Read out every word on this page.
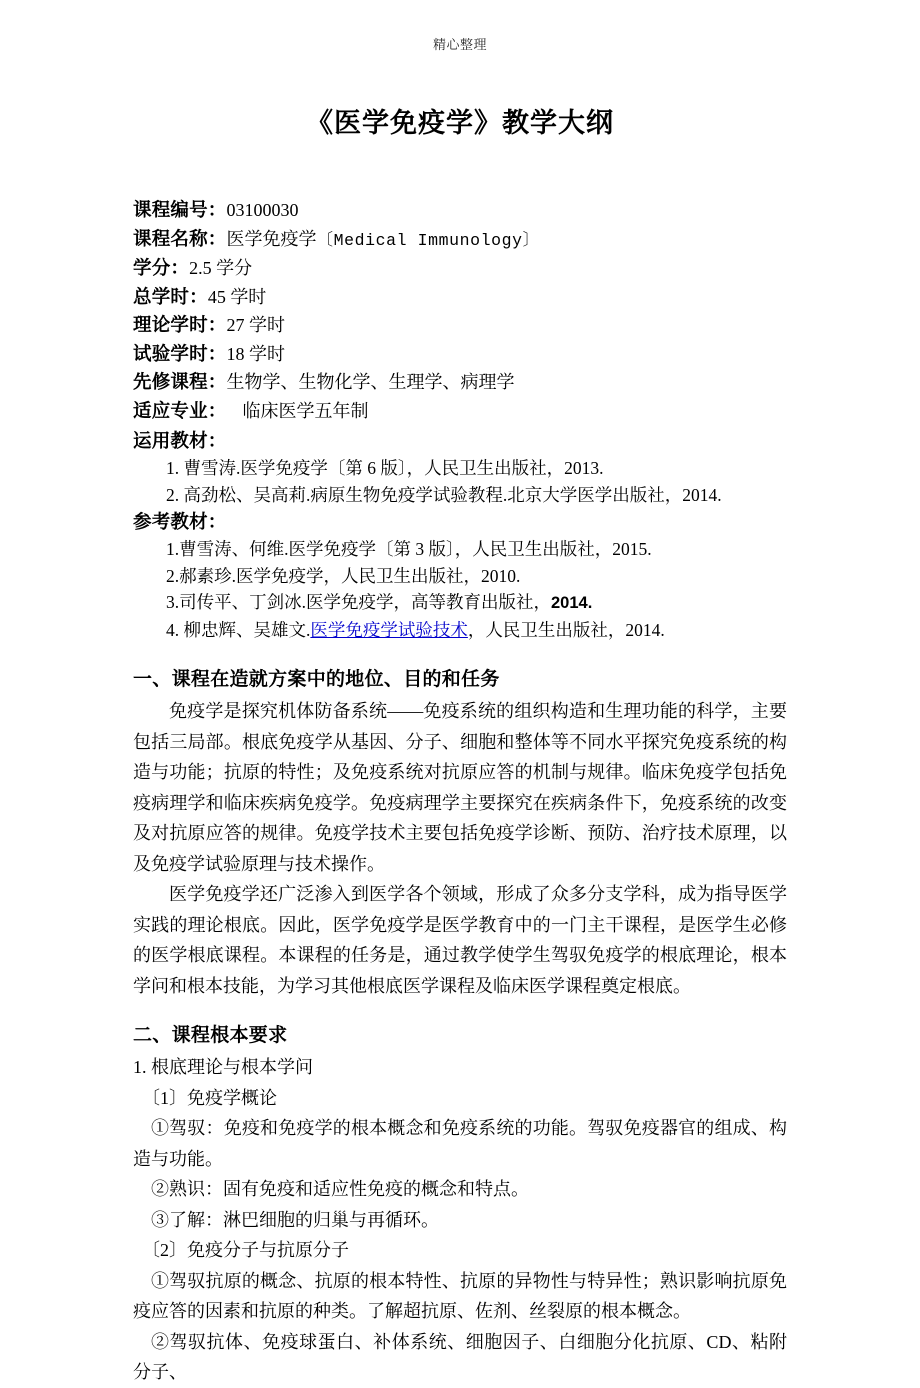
精心整理
《医学免疫学》教学大纲
课程编号：03100030
课程名称：医学免疫学〔Medical Immunology〕
学分：2.5 学分
总学时：45 学时
理论学时：27 学时
试验学时：18 学时
先修课程：生物学、生物化学、生理学、病理学
适应专业： 临床医学五年制
运用教材：
1. 曹雪涛.医学免疫学〔第 6 版〕，人民卫生出版社，2013.
2. 高劲松、吴高莉.病原生物免疫学试验教程.北京大学医学出版社，2014.
参考教材：
1.曹雪涛、何维.医学免疫学〔第 3 版〕，人民卫生出版社，2015.
2.郝素珍.医学免疫学，人民卫生出版社，2010.
3.司传平、丁剑冰.医学免疫学，高等教育出版社，2014.
4. 柳忠辉、吴雄文.医学免疫学试验技术，人民卫生出版社，2014.
一、课程在造就方案中的地位、目的和任务

免疫学是探究机体防备系统——免疫系统的组织构造和生理功能的科学，主要包括三局部。根底免疫学从基因、分子、细胞和整体等不同水平探究免疫系统的构造与功能；抗原的特性；及免疫系统对抗原应答的机制与规律。临床免疫学包括免疫病理学和临床疾病免疫学。免疫病理学主要探究在疾病条件下，免疫系统的改变及对抗原应答的规律。免疫学技术主要包括免疫学诊断、预防、治疗技术原理，以及免疫学试验原理与技术操作。

医学免疫学还广泛渗入到医学各个领域，形成了众多分支学科，成为指导医学实践的理论根底。因此，医学免疫学是医学教育中的一门主干课程，是医学生必修的医学根底课程。本课程的任务是，通过教学使学生驾驭免疫学的根底理论，根本学问和根本技能，为学习其他根底医学课程及临床医学课程奠定根底。

二、课程根本要求

1. 根底理论与根本学问

〔1〕免疫学概论

①驾驭：免疫和免疫学的根本概念和免疫系统的功能。驾驭免疫器官的组成、构造与功能。

②熟识：固有免疫和适应性免疫的概念和特点。

③了解：淋巴细胞的归巢与再循环。

〔2〕免疫分子与抗原分子

①驾驭抗原的概念、抗原的根本特性、抗原的异物性与特异性；熟识影响抗原免疫应答的因素和抗原的种类。了解超抗原、佐剂、丝裂原的根本概念。

②驾驭抗体、免疫球蛋白、补体系统、细胞因子、白细胞分化抗原、CD、粘附分子、
